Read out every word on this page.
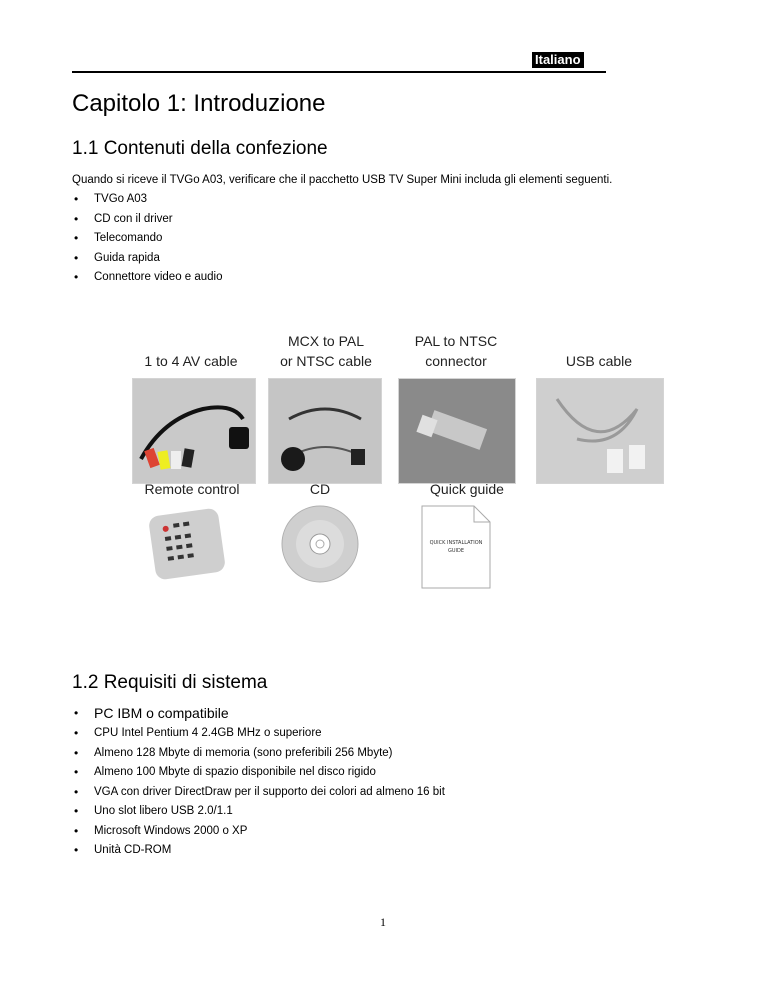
Italiano
Capitolo 1: Introduzione
1.1 Contenuti della confezione

Quando si riceve il TVGo A03, verificare che il pacchetto USB TV Super Mini includa gli elementi seguenti.

• TVGo A03
• CD con il driver
• Telecomando
• Guida rapida
• Connettore video e audio
1 to 4 AV cable
MCX to PAL
or NTSC cable
PAL to NTSC
connector	USB cable
Remote control	CD	Quick guide
QUICK INSTALLATION
GUIDE
1.2 Requisiti di sistema
• PC IBM o compatibile
• CPU Intel Pentium 4 2.4GB MHz o superiore
• Almeno 128 Mbyte di memoria (sono preferibili 256 Mbyte)
• Almeno 100 Mbyte di spazio disponibile nel disco rigido
• VGA con driver DirectDraw per il supporto dei colori ad almeno 16 bit
• Uno slot libero USB 2.0/1.1
• Microsoft Windows 2000 o XP
• Unità CD-ROM
1
